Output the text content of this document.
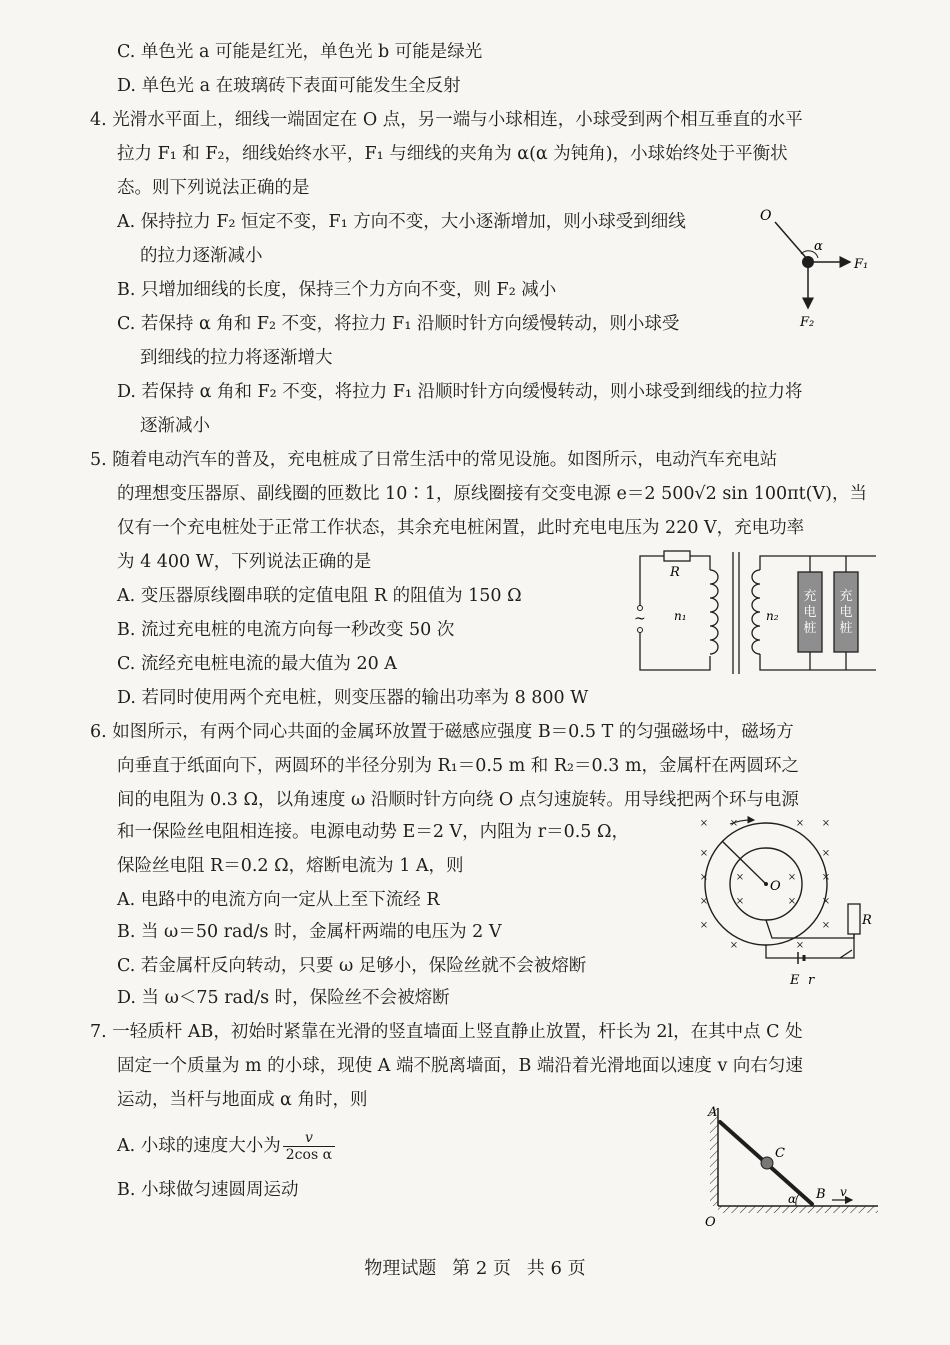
C. 单色光 a 可能是红光，单色光 b 可能是绿光
D. 单色光 a 在玻璃砖下表面可能发生全反射
4. 光滑水平面上，细线一端固定在 O 点，另一端与小球相连，小球受到两个相互垂直的水平
拉力 F₁ 和 F₂，细线始终水平，F₁ 与细线的夹角为 α(α 为钝角)，小球始终处于平衡状
态。则下列说法正确的是
A. 保持拉力 F₂ 恒定不变，F₁ 方向不变，大小逐渐增加，则小球受到细线
的拉力逐渐减小
B. 只增加细线的长度，保持三个力方向不变，则 F₂ 减小
C. 若保持 α 角和 F₂ 不变，将拉力 F₁ 沿顺时针方向缓慢转动，则小球受
到细线的拉力将逐渐增大
D. 若保持 α 角和 F₂ 不变，将拉力 F₁ 沿顺时针方向缓慢转动，则小球受到细线的拉力将
逐渐减小
O
α
F₁
F₂
5. 随着电动汽车的普及，充电桩成了日常生活中的常见设施。如图所示，电动汽车充电站
的理想变压器原、副线圈的匝数比 10∶1，原线圈接有交变电源 e＝2 500√2 sin 100πt(V)，当
仅有一个充电桩处于正常工作状态，其余充电桩闲置，此时充电电压为 220 V，充电功率
为 4 400 W，下列说法正确的是
A. 变压器原线圈串联的定值电阻 R 的阻值为 150 Ω
B. 流过充电桩的电流方向每一秒改变 50 次
C. 流经充电桩电流的最大值为 20 A
D. 若同时使用两个充电桩，则变压器的输出功率为 8 800 W
充
电
桩
充
电
桩
R
~ n₁	n₂
6. 如图所示，有两个同心共面的金属环放置于磁感应强度 B＝0.5 T 的匀强磁场中，磁场方
向垂直于纸面向下，两圆环的半径分别为 R₁＝0.5 m 和 R₂＝0.3 m，金属杆在两圆环之
间的电阻为 0.3 Ω，以角速度 ω 沿顺时针方向绕 O 点匀速旋转。用导线把两个环与电源
和一保险丝电阻相连接。电源电动势 E＝2 V，内阻为 r＝0.5 Ω，
保险丝电阻 R＝0.2 Ω，熔断电流为 1 A，则
A. 电路中的电流方向一定从上至下流经 R
B. 当 ω＝50 rad/s 时，金属杆两端的电压为 2 V
C. 若金属杆反向转动，只要 ω 足够小，保险丝就不会被熔断
D. 当 ω＜75 rad/s 时，保险丝不会被熔断
× ×	× ×
×	×
×	×	×	×
×	×	×	×
×	×
×	×
O
R
E r
7. 一轻质杆 AB，初始时紧靠在光滑的竖直墙面上竖直静止放置，杆长为 2l，在其中点 C 处
固定一个质量为 m 的小球，现使 A 端不脱离墙面，B 端沿着光滑地面以速度 v 向右匀速
运动，当杆与地面成 α 角时，则
A. 小球的速度大小为 $\frac{v}{\text{2cos α}}$
B. 小球做匀速圆周运动
A
C
B
α	v
O
物理试题 第 2 页 共 6 页
